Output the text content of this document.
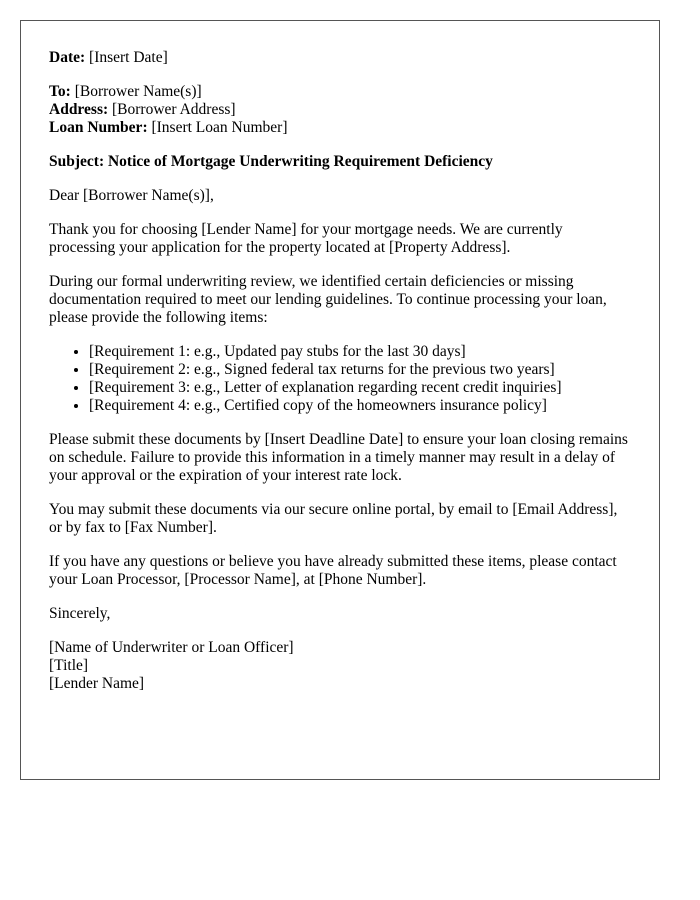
Date: [Insert Date]

To: [Borrower Name(s)]
Address: [Borrower Address]
Loan Number: [Insert Loan Number]

Subject: Notice of Mortgage Underwriting Requirement Deficiency

Dear [Borrower Name(s)],

Thank you for choosing [Lender Name] for your mortgage needs. We are currently processing your application for the property located at [Property Address].

During our formal underwriting review, we identified certain deficiencies or missing documentation required to meet our lending guidelines. To continue processing your loan, please provide the following items:

• [Requirement 1: e.g., Updated pay stubs for the last 30 days]
• [Requirement 2: e.g., Signed federal tax returns for the previous two years]
• [Requirement 3: e.g., Letter of explanation regarding recent credit inquiries]
• [Requirement 4: e.g., Certified copy of the homeowners insurance policy]

Please submit these documents by [Insert Deadline Date] to ensure your loan closing remains on schedule. Failure to provide this information in a timely manner may result in a delay of your approval or the expiration of your interest rate lock.

You may submit these documents via our secure online portal, by email to [Email Address], or by fax to [Fax Number].

If you have any questions or believe you have already submitted these items, please contact your Loan Processor, [Processor Name], at [Phone Number].

Sincerely,

[Name of Underwriter or Loan Officer]
[Title]
[Lender Name]
